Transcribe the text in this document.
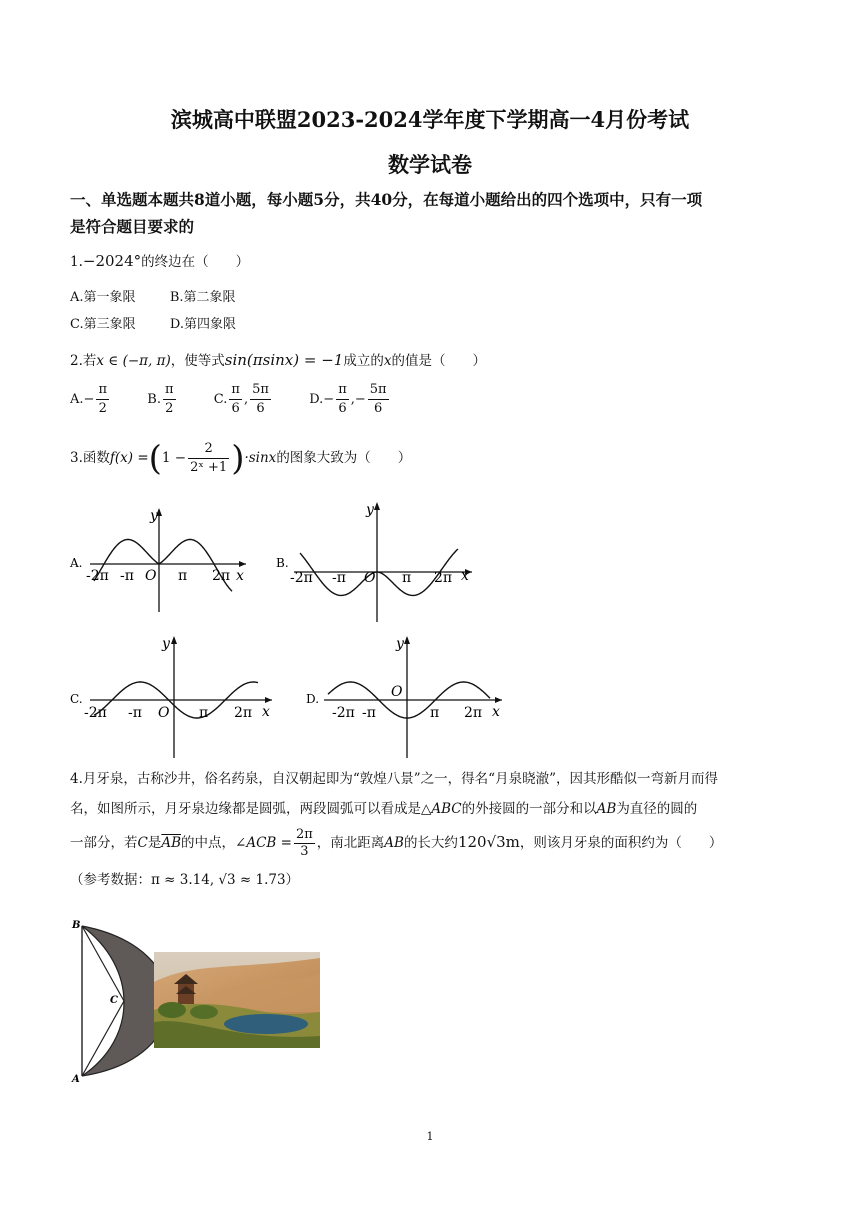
滨城高中联盟2023-2024学年度下学期高一4月份考试
数学试卷
一、单选题本题共8道小题，每小题5分，共40分，在每道小题给出的四个选项中，只有一项
是符合题目要求的
1.−2024°的终边在（　　）
A.第一象限	B.第二象限
C.第三象限	D.第四象限
2.若x ∈ (−π, π)，使等式sin(πsinx) = −1成立的x的值是（　　）
$A.- \frac{\pi}{2}$	B. $\frac{\pi}{2}$	C. $\frac{\pi}{6}$ , $\frac{5\pi}{6}$	$D.- \frac{\pi}{6}$ ,− $\frac{5\pi}{6}$
3.函数$f(x) =(1 - \frac{2}{\text{2ˣ +1}} )\cdot\sin x$的图象大致为（　　）
A.
y
x
-2π -π O π 2π
B.
y
x
-2π -π O π 2π
C.
y
x
-2π -π O π 2π
D.
y
x
-2π -π
O
π 2π
4.月牙泉，古称沙井，俗名药泉，自汉朝起即为“敦煌八景”之一，得名“月泉晓澈”，因其形酷似一弯新月而得
名，如图所示，月牙泉边缘都是圆弧，两段圆弧可以看成是△ABC的外接圆的一部分和以AB为直径的圆的
一部分，若C是$\overline{AB}$的中点，∠ACB = $\frac{2\pi}{3}$ ，南北距离AB的长大约120√3m，则该月牙泉的面积约为（　　）
（参考数据：π ≈ 3.14, √3 ≈ 1.73）
B
C
A
1
